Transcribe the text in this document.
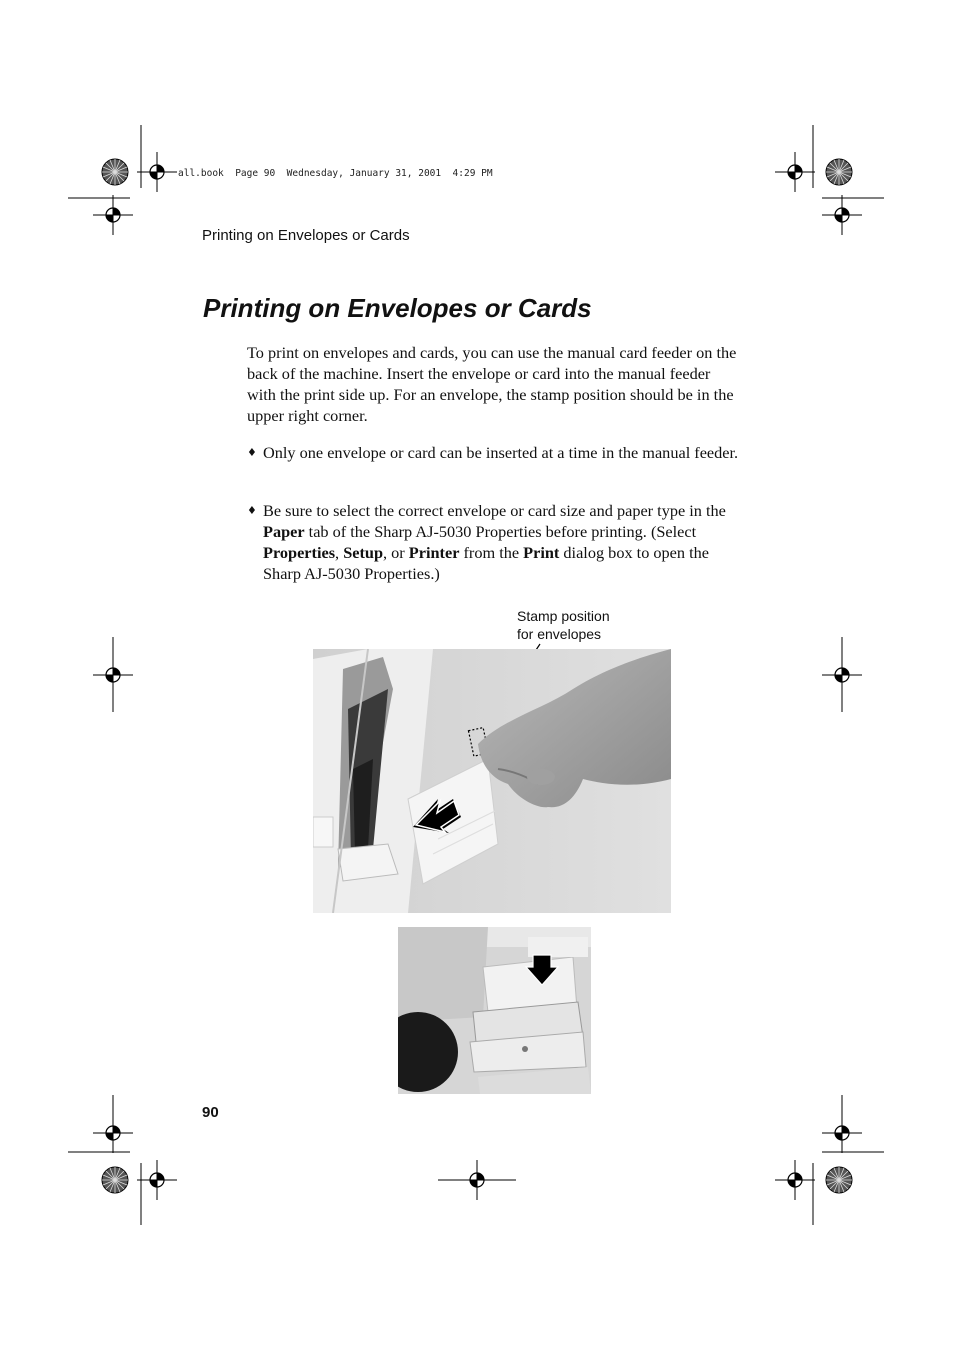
all.book  Page 90  Wednesday, January 31, 2001  4:29 PM
Printing on Envelopes or Cards
Printing on Envelopes or Cards
To print on envelopes and cards, you can use the manual card feeder on the back of the machine. Insert the envelope or card into the manual feeder with the print side up. For an envelope, the stamp position should be in the upper right corner.
♦ Only one envelope or card can be inserted at a time in the manual feeder.
♦ Be sure to select the correct envelope or card size and paper type in the Paper tab of the Sharp AJ-5030 Properties before printing. (Select Properties, Setup, or Printer from the Print dialog box to open the Sharp AJ-5030 Properties.)
Stamp position
for envelopes
90
